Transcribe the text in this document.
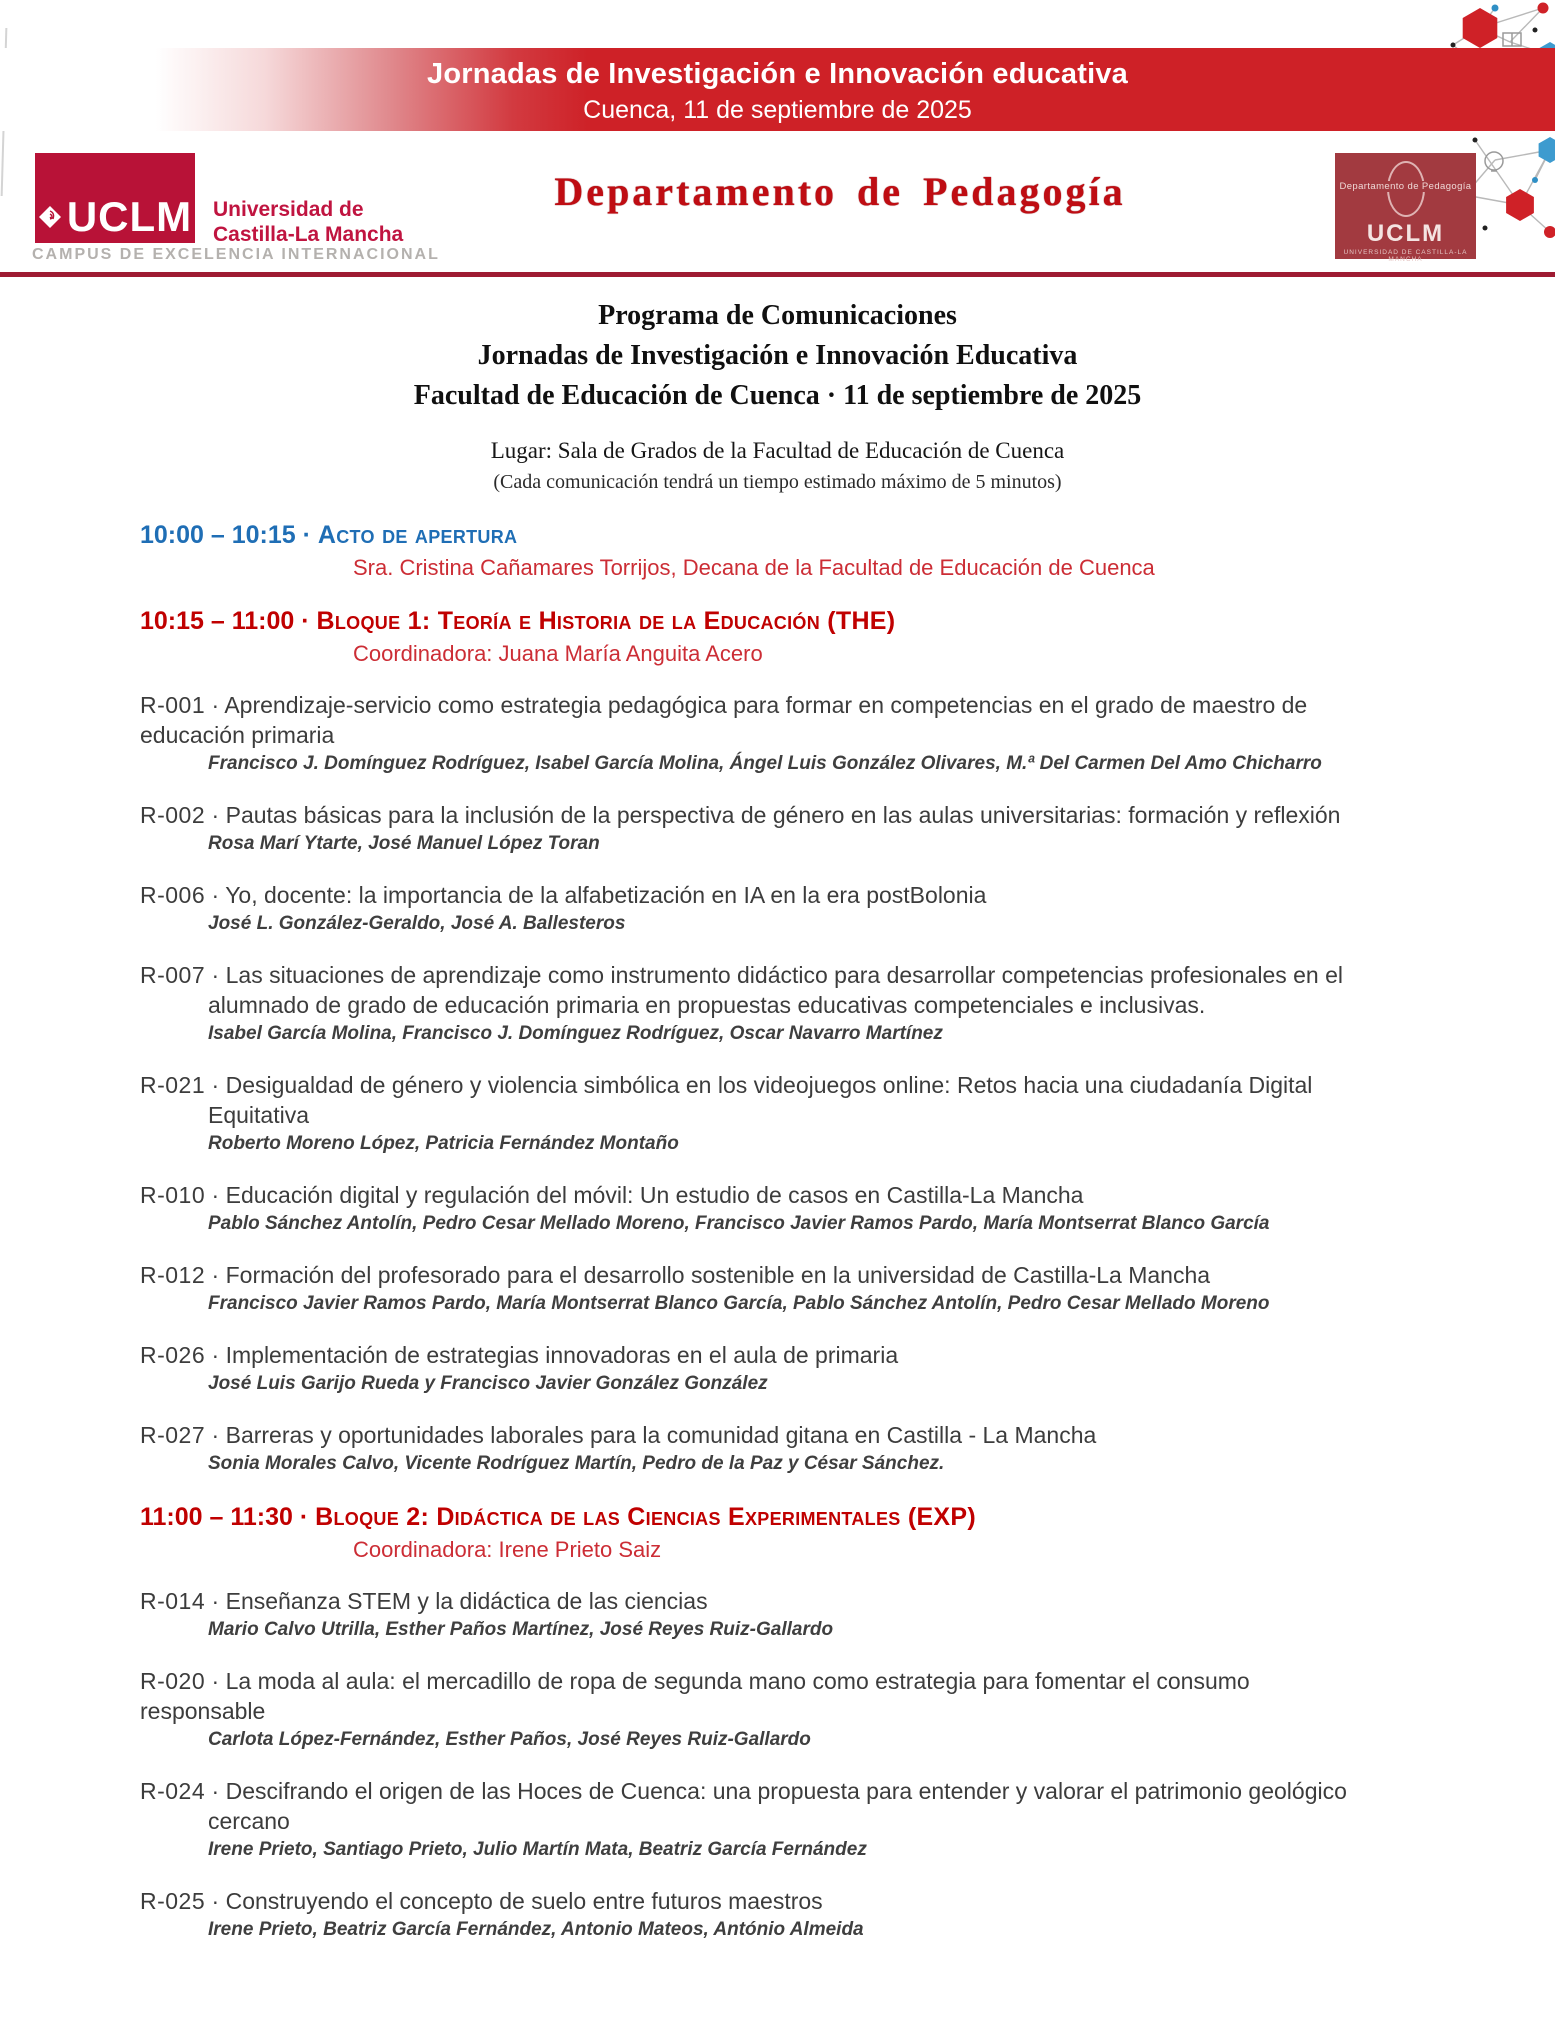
Jornadas de Investigación e Innovación educativa
Cuenca, 11 de septiembre de 2025
UCLM Universidad de
Castilla-La Mancha
CAMPUS DE EXCELENCIA INTERNACIONAL
Departamento de Pedagogía	Departamento de Pedagogía
UCLM
UNIVERSIDAD DE CASTILLA-LA MANCHA
Programa de Comunicaciones
Jornadas de Investigación e Innovación Educativa
Facultad de Educación de Cuenca · 11 de septiembre de 2025
Lugar: Sala de Grados de la Facultad de Educación de Cuenca
(Cada comunicación tendrá un tiempo estimado máximo de 5 minutos)
10:00 – 10:15 · Acto de apertura
Sra. Cristina Cañamares Torrijos, Decana de la Facultad de Educación de Cuenca
10:15 – 11:00 · Bloque 1: Teoría e Historia de la Educación (THE)
Coordinadora: Juana María Anguita Acero
R-001 · Aprendizaje-servicio como estrategia pedagógica para formar en competencias en el grado de maestro de educación primaria
Francisco J. Domínguez Rodríguez, Isabel García Molina, Ángel Luis González Olivares, M.ª Del Carmen Del Amo Chicharro
R-002 · Pautas básicas para la inclusión de la perspectiva de género en las aulas universitarias: formación y reflexión
Rosa Marí Ytarte, José Manuel López Toran
R-006 · Yo, docente: la importancia de la alfabetización en IA en la era postBolonia
José L. González-Geraldo, José A. Ballesteros
R-007 · Las situaciones de aprendizaje como instrumento didáctico para desarrollar competencias profesionales en el alumnado de grado de educación primaria en propuestas educativas competenciales e inclusivas.
Isabel García Molina, Francisco J. Domínguez Rodríguez, Oscar Navarro Martínez
R-021 · Desigualdad de género y violencia simbólica en los videojuegos online: Retos hacia una ciudadanía Digital Equitativa
Roberto Moreno López, Patricia Fernández Montaño
R-010 · Educación digital y regulación del móvil: Un estudio de casos en Castilla-La Mancha
Pablo Sánchez Antolín, Pedro Cesar Mellado Moreno, Francisco Javier Ramos Pardo, María Montserrat Blanco García
R-012 · Formación del profesorado para el desarrollo sostenible en la universidad de Castilla-La Mancha
Francisco Javier Ramos Pardo, María Montserrat Blanco García, Pablo Sánchez Antolín, Pedro Cesar Mellado Moreno
R-026 · Implementación de estrategias innovadoras en el aula de primaria
José Luis Garijo Rueda y Francisco Javier González González
R-027 · Barreras y oportunidades laborales para la comunidad gitana en Castilla - La Mancha
Sonia Morales Calvo, Vicente Rodríguez Martín, Pedro de la Paz y César Sánchez.
11:00 – 11:30 · Bloque 2: Didáctica de las Ciencias Experimentales (EXP)
Coordinadora: Irene Prieto Saiz
R-014 · Enseñanza STEM y la didáctica de las ciencias
Mario Calvo Utrilla, Esther Paños Martínez, José Reyes Ruiz-Gallardo
R-020 · La moda al aula: el mercadillo de ropa de segunda mano como estrategia para fomentar el consumo responsable
Carlota López-Fernández, Esther Paños, José Reyes Ruiz-Gallardo
R-024 · Descifrando el origen de las Hoces de Cuenca: una propuesta para entender y valorar el patrimonio geológico cercano
Irene Prieto, Santiago Prieto, Julio Martín Mata, Beatriz García Fernández
R-025 · Construyendo el concepto de suelo entre futuros maestros
Irene Prieto, Beatriz García Fernández, Antonio Mateos, António Almeida
